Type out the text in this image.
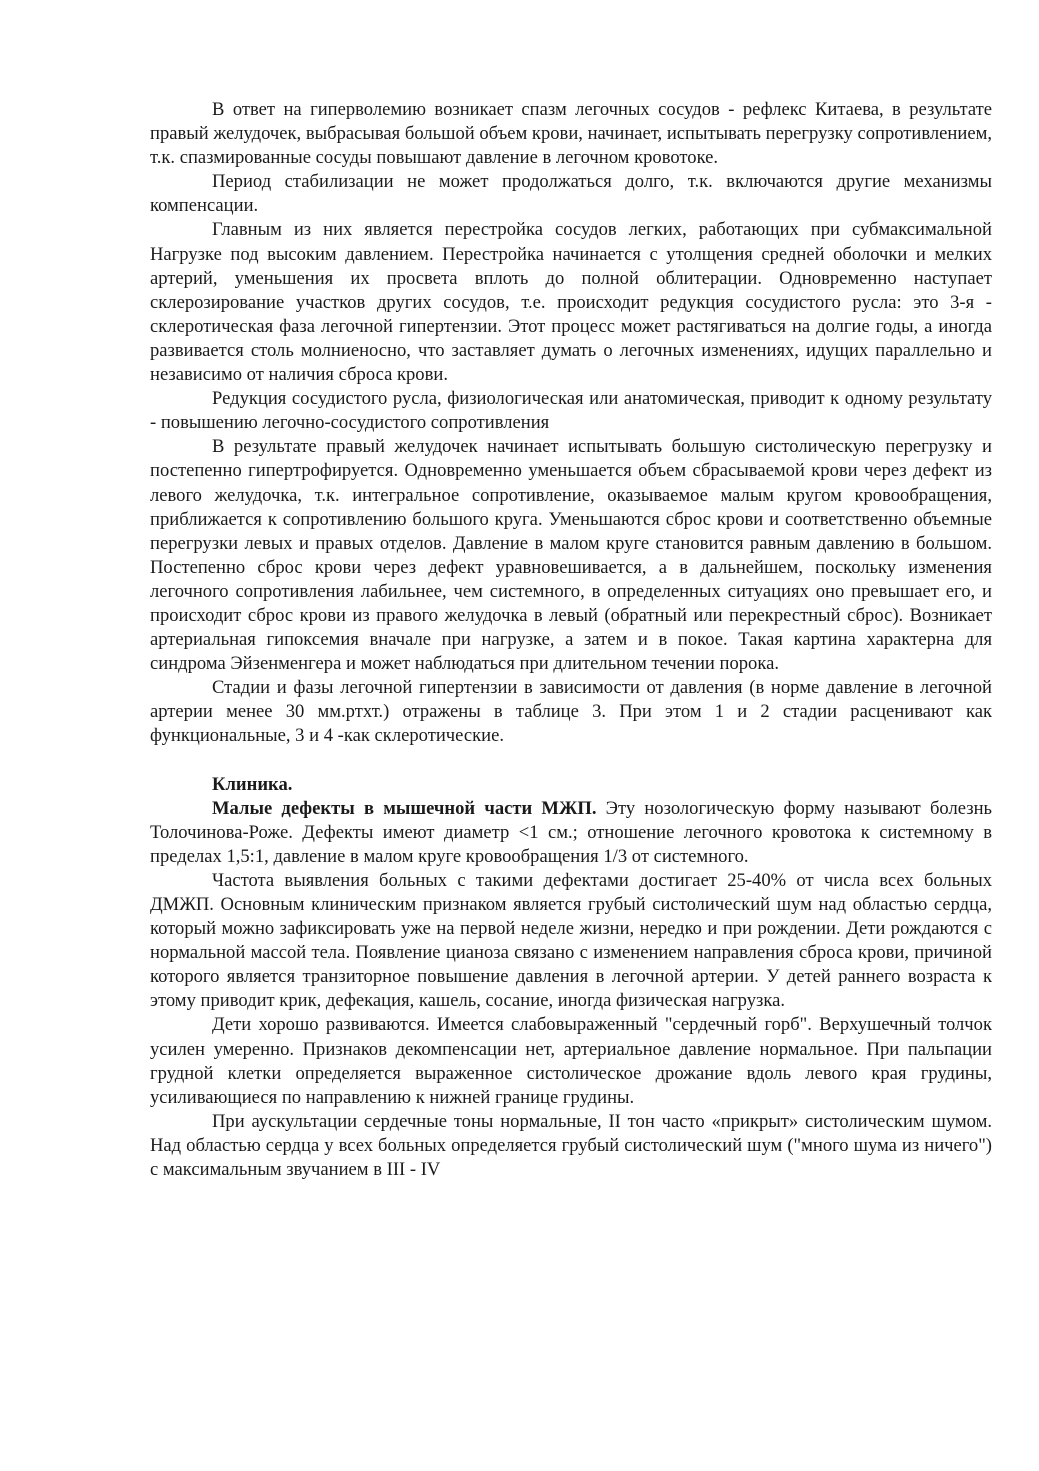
В ответ на гиперволемию возникает спазм легочных сосудов - рефлекс Китаева, в результате правый желудочек, выбрасывая большой объем крови, начинает, испытывать перегрузку сопротивлением, т.к. спазмированные сосуды повышают давление в легочном кровотоке.

Период стабилизации не может продолжаться долго, т.к. включаются другие механизмы компенсации.

Главным из них является перестройка сосудов легких, работающих при субмаксимальной Нагрузке под высоким давлением. Перестройка начинается с утолщения средней оболочки и мелких артерий, уменьшения их просвета вплоть до полной облитерации. Одновременно наступает склерозирование участков других сосудов, т.е. происходит редукция сосудистого русла: это 3-я - склеротическая фаза легочной гипертензии. Этот процесс может растягиваться на долгие годы, а иногда развивается столь молниеносно, что заставляет думать о легочных изменениях, идущих параллельно и независимо от наличия сброса крови.

Редукция сосудистого русла, физиологическая или анатомическая, приводит к одному результату - повышению легочно-сосудистого сопротивления

В результате правый желудочек начинает испытывать большую систолическую перегрузку и постепенно гипертрофируется. Одновременно уменьшается объем сбрасываемой крови через дефект из левого желудочка, т.к. интегральное сопротивление, оказываемое малым кругом кровообращения, приближается к сопротивлению большого круга. Уменьшаются сброс крови и соответственно объемные перегрузки левых и правых отделов. Давление в малом круге становится равным давлению в большом. Постепенно сброс крови через дефект уравновешивается, а в дальнейшем, поскольку изменения легочного сопротивления лабильнее, чем системного, в определенных ситуациях оно превышает его, и происходит сброс крови из правого желудочка в левый (обратный или перекрестный сброс). Возникает артериальная гипоксемия вначале при нагрузке, а затем и в покое. Такая картина характерна для синдрома Эйзенменгера и может наблюдаться при длительном течении порока.

Стадии и фазы легочной гипертензии в зависимости от давления (в норме давление в легочной артерии менее 30 мм.ртхт.) отражены в таблице 3. При этом 1 и 2 стадии расценивают как функциональные, 3 и 4 -как склеротические.

Клиника.

Малые дефекты в мышечной части МЖП. Эту нозологическую форму называют болезнь Толочинова-Роже. Дефекты имеют диаметр <1 см.; отношение легочного кровотока к системному в пределах 1,5:1, давление в малом круге кровообращения 1/3 от системного.

Частота выявления больных с такими дефектами достигает 25-40% от числа всех больных ДМЖП. Основным клиническим признаком является грубый систолический шум над областью сердца, который можно зафиксировать уже на первой неделе жизни, нередко и при рождении. Дети рождаются с нормальной массой тела. Появление цианоза связано с изменением направления сброса крови, причиной которого является транзиторное повышение давления в легочной артерии. У детей раннего возраста к этому приводит крик, дефекация, кашель, сосание, иногда физическая нагрузка.

Дети хорошо развиваются. Имеется слабовыраженный "сердечный горб". Верхушечный толчок усилен умеренно. Признаков декомпенсации нет, артериальное давление нормальное. При пальпации грудной клетки определяется выраженное систолическое дрожание вдоль левого края грудины, усиливающиеся по направлению к нижней границе грудины.

При аускультации сердечные тоны нормальные, II тон часто «прикрыт» систолическим шумом. Над областью сердца у всех больных определяется грубый систолический шум ("много шума из ничего") с максимальным звучанием в III - IV
